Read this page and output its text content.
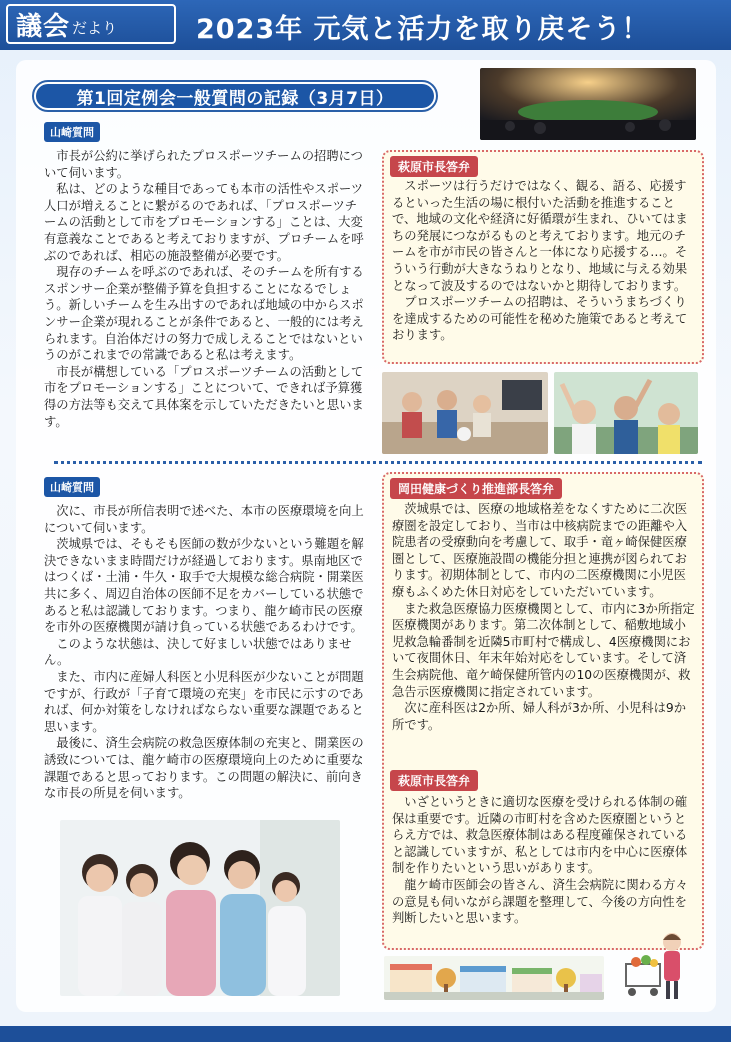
議会 だより	2023年 元気と活力を取り戻そう！
第1回定例会一般質問の記録（3月7日）
山崎質問

市長が公約に挙げられたプロスポーツチームの招聘について伺います。

私は、どのような種目であっても本市の活性やスポーツ人口が増えることに繋がるのであれば、「プロスポーツチームの活動として市をプロモーションする」ことは、大変有意義なことであると考えておりますが、プロチームを呼ぶのであれば、相応の施設整備が必要です。

現存のチームを呼ぶのであれば、そのチームを所有するスポンサー企業が整備予算を負担することになるでしょう。新しいチームを生み出すのであれば地域の中からスポンサー企業が現れることが条件であると、一般的には考えられます。自治体だけの努力で成しえることではないというのがこれまでの常識であると私は考えます。

市長が構想している「プロスポーツチームの活動として市をプロモーションする」ことについて、できれば予算獲得の方法等も交えて具体案を示していただきたいと思います。

萩原市長答弁

スポーツは行うだけではなく、観る、語る、応援するといった生活の場に根付いた活動を推進することで、地域の文化や経済に好循環が生まれ、ひいてはまちの発展につながるものと考えております。地元のチームを市が市民の皆さんと一体になり応援する…。そういう行動が大きなうねりとなり、地域に与える効果となって波及するのではないかと期待しております。

プロスポーツチームの招聘は、そういうまちづくりを達成するための可能性を秘めた施策であると考えております。

山崎質問

次に、市長が所信表明で述べた、本市の医療環境を向上について伺います。

茨城県では、そもそも医師の数が少ないという難題を解決できないまま時間だけが経過しております。県南地区ではつくば・土浦・牛久・取手で大規模な総合病院・開業医共に多く、周辺自治体の医師不足をカバーしている状態であると私は認識しております。つまり、龍ケ崎市民の医療を市外の医療機関が請け負っている状態であるわけです。

このような状態は、決して好ましい状態ではありません。

また、市内に産婦人科医と小児科医が少ないことが問題ですが、行政が「子育て環境の充実」を市民に示すのであれば、何か対策をしなければならない重要な課題であると思います。

最後に、済生会病院の救急医療体制の充実と、開業医の誘致については、龍ケ崎市の医療環境向上のために重要な課題であると思っております。この問題の解決に、前向きな市長の所見を伺います。

岡田健康づくり推進部長答弁

茨城県では、医療の地域格差をなくすために二次医療圏を設定しており、当市は中核病院までの距離や入院患者の受療動向を考慮して、取手・竜ヶ崎保健医療圏として、医療施設間の機能分担と連携が図られております。初期体制として、市内の二医療機関に小児医療もふくめた休日対応をしていただいています。

また救急医療協力医療機関として、市内に3か所指定医療機関があります。第二次体制として、稲敷地域小児救急輪番制を近隣5市町村で構成し、4医療機関において夜間休日、年末年始対応をしています。そして済生会病院他、竜ケ崎保健所管内の10の医療機関が、救急告示医療機関に指定されています。

次に産科医は2か所、婦人科が3か所、小児科は9か所です。

萩原市長答弁

いざというときに適切な医療を受けられる体制の確保は重要です。近隣の市町村を含めた医療圏というとらえ方では、救急医療体制はある程度確保されていると認識していますが、私としては市内を中心に医療体制を作りたいという思いがあります。

龍ケ崎市医師会の皆さん、済生会病院に関わる方々の意見も伺いながら課題を整理して、今後の方向性を判断したいと思います。
